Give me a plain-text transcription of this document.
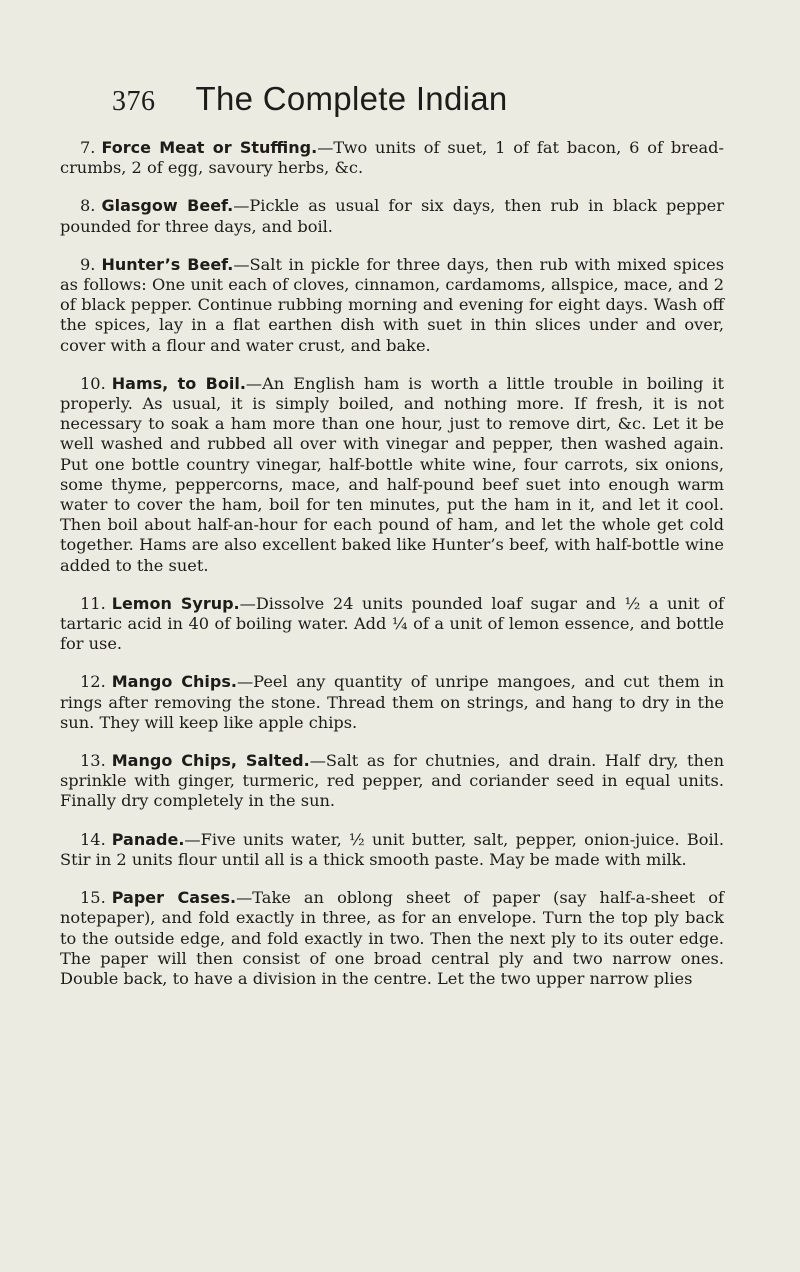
376 The Complete Indian

7. Force Meat or Stuffing.—Two units of suet, 1 of fat bacon, 6 of bread-crumbs, 2 of egg, savoury herbs, &c.

8. Glasgow Beef.—Pickle as usual for six days, then rub in black pepper pounded for three days, and boil.

9. Hunter’s Beef.—Salt in pickle for three days, then rub with mixed spices as follows: One unit each of cloves, cinnamon, cardamoms, allspice, mace, and 2 of black pepper. Continue rubbing morning and evening for eight days. Wash off the spices, lay in a flat earthen dish with suet in thin slices under and over, cover with a flour and water crust, and bake.

10. Hams, to Boil.—An English ham is worth a little trouble in boiling it properly. As usual, it is simply boiled, and nothing more. If fresh, it is not necessary to soak a ham more than one hour, just to remove dirt, &c. Let it be well washed and rubbed all over with vinegar and pepper, then washed again. Put one bottle country vinegar, half-bottle white wine, four carrots, six onions, some thyme, peppercorns, mace, and half-pound beef suet into enough warm water to cover the ham, boil for ten minutes, put the ham in it, and let it cool. Then boil about half-an-hour for each pound of ham, and let the whole get cold together. Hams are also excellent baked like Hunter’s beef, with half-bottle wine added to the suet.

11. Lemon Syrup.—Dissolve 24 units pounded loaf sugar and ½ a unit of tartaric acid in 40 of boiling water. Add ¼ of a unit of lemon essence, and bottle for use.

12. Mango Chips.—Peel any quantity of unripe mangoes, and cut them in rings after removing the stone. Thread them on strings, and hang to dry in the sun. They will keep like apple chips.

13. Mango Chips, Salted.—Salt as for chutnies, and drain. Half dry, then sprinkle with ginger, turmeric, red pepper, and coriander seed in equal units. Finally dry completely in the sun.

14. Panade.—Five units water, ½ unit butter, salt, pepper, onion-juice. Boil. Stir in 2 units flour until all is a thick smooth paste. May be made with milk.

15. Paper Cases.—Take an oblong sheet of paper (say half-a-sheet of notepaper), and fold exactly in three, as for an envelope. Turn the top ply back to the outside edge, and fold exactly in two. Then the next ply to its outer edge. The paper will then consist of one broad central ply and two narrow ones. Double back, to have a division in the centre. Let the two upper narrow plies
